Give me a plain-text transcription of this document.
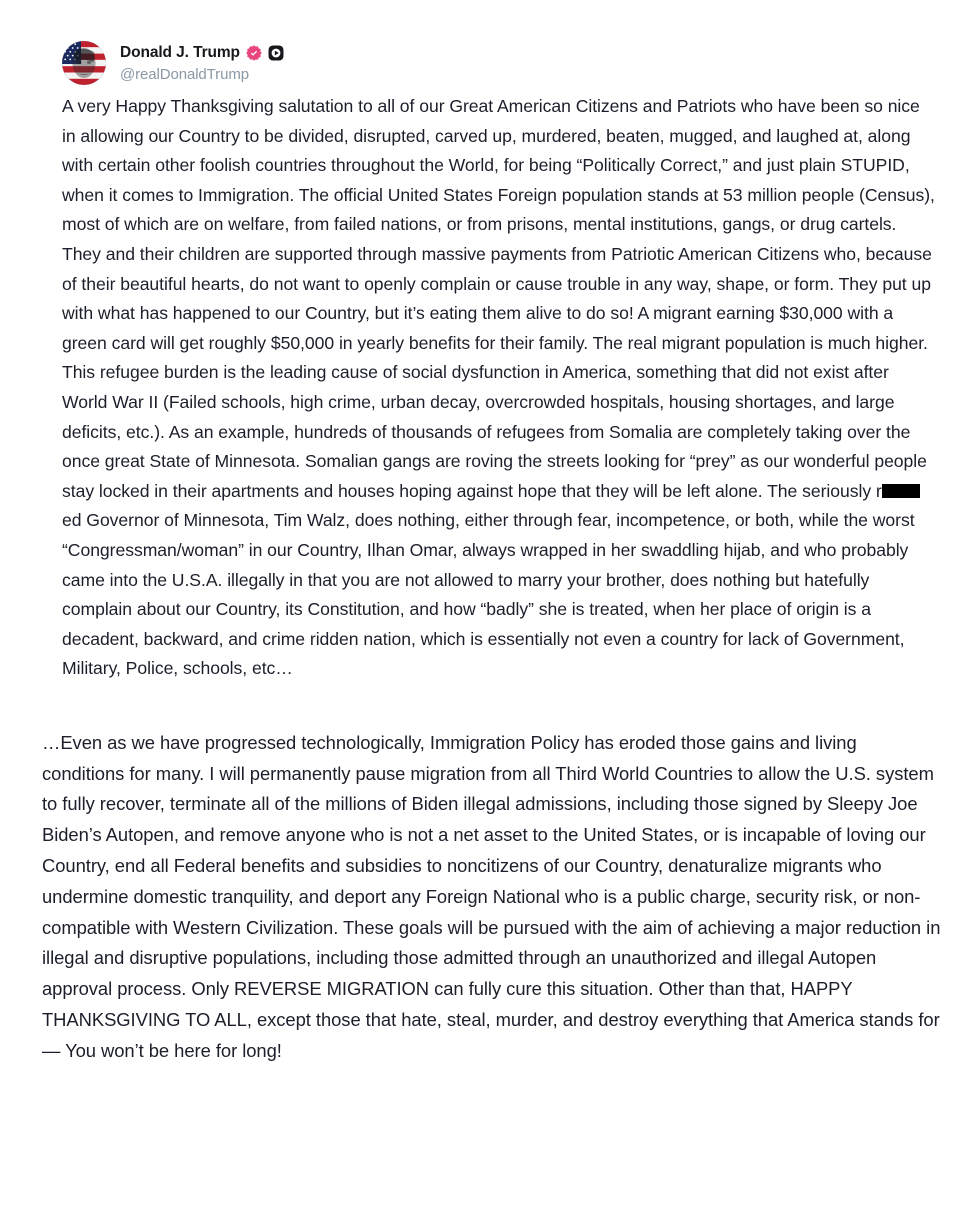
Donald J. Trump
@realDonaldTrump

A very Happy Thanksgiving salutation to all of our Great American Citizens and Patriots who have been so nice in allowing our Country to be divided, disrupted, carved up, murdered, beaten, mugged, and laughed at, along with certain other foolish countries throughout the World, for being “Politically Correct,” and just plain STUPID, when it comes to Immigration. The official United States Foreign population stands at 53 million people (Census), most of which are on welfare, from failed nations, or from prisons, mental institutions, gangs, or drug cartels. They and their children are supported through massive payments from Patriotic American Citizens who, because of their beautiful hearts, do not want to openly complain or cause trouble in any way, shape, or form. They put up with what has happened to our Country, but it’s eating them alive to do so! A migrant earning $30,000 with a green card will get roughly $50,000 in yearly benefits for their family. The real migrant population is much higher. This refugee burden is the leading cause of social dysfunction in America, something that did not exist after World War II (Failed schools, high crime, urban decay, overcrowded hospitals, housing shortages, and large deficits, etc.). As an example, hundreds of thousands of refugees from Somalia are completely taking over the once great State of Minnesota. Somalian gangs are roving the streets looking for “prey” as our wonderful people stay locked in their apartments and houses hoping against hope that they will be left alone. The seriously red Governor of Minnesota, Tim Walz, does nothing, either through fear, incompetence, or both, while the worst “Congressman/woman” in our Country, Ilhan Omar, always wrapped in her swaddling hijab, and who probably came into the U.S.A. illegally in that you are not allowed to marry your brother, does nothing but hatefully complain about our Country, its Constitution, and how “badly” she is treated, when her place of origin is a decadent, backward, and crime ridden nation, which is essentially not even a country for lack of Government, Military, Police, schools, etc…

…Even as we have progressed technologically, Immigration Policy has eroded those gains and living conditions for many. I will permanently pause migration from all Third World Countries to allow the U.S. system to fully recover, terminate all of the millions of Biden illegal admissions, including those signed by Sleepy Joe Biden’s Autopen, and remove anyone who is not a net asset to the United States, or is incapable of loving our Country, end all Federal benefits and subsidies to noncitizens of our Country, denaturalize migrants who undermine domestic tranquility, and deport any Foreign National who is a public charge, security risk, or non-compatible with Western Civilization. These goals will be pursued with the aim of achieving a major reduction in illegal and disruptive populations, including those admitted through an unauthorized and illegal Autopen approval process. Only REVERSE MIGRATION can fully cure this situation. Other than that, HAPPY THANKSGIVING TO ALL, except those that hate, steal, murder, and destroy everything that America stands for — You won’t be here for long!
